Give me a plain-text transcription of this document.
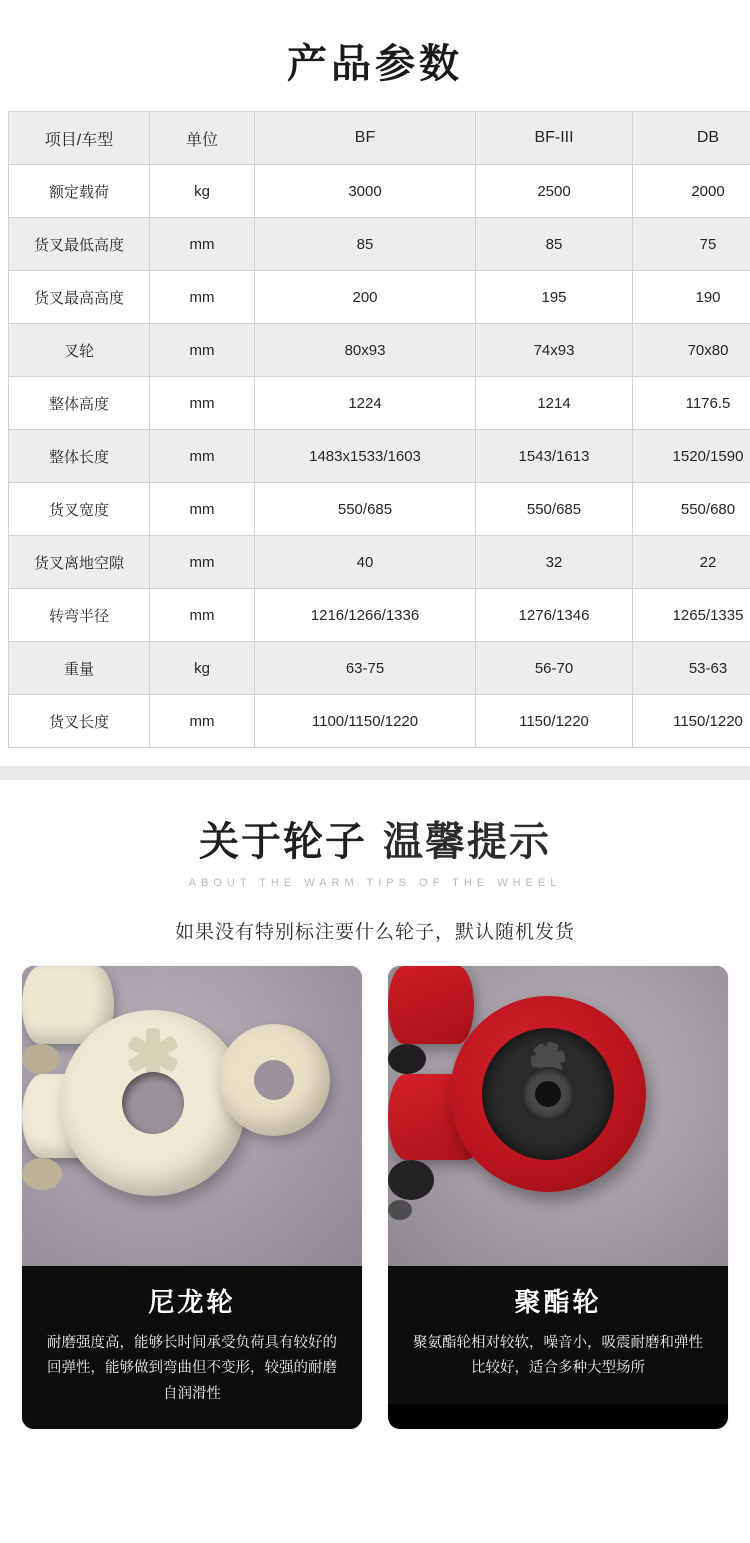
产品参数
项目/车型	单位	BF	BF-III	DB
额定载荷	kg	3000	2500	2000
货叉最低高度	mm	85	85	75
货叉最高高度	mm	200	195	190
叉轮	mm	80x93	74x93	70x80
整体高度	mm	1224	1214	1176.5
整体长度	mm	1483x1533/1603	1543/1613	1520/1590
货叉宽度	mm	550/685	550/685	550/680
货叉离地空隙	mm	40	32	22
转弯半径	mm	1216/1266/1336	1276/1346	1265/1335
重量	kg	63-75	56-70	53-63
货叉长度	mm	1100/1150/1220	1150/1220	1150/1220
关于轮子 温馨提示
ABOUT THE WARM TIPS OF THE WHEEL
如果没有特别标注要什么轮子，默认随机发货
尼龙轮
耐磨强度高，能够长时间承受负荷具有较好的回弹性，能够做到弯曲但不变形，较强的耐磨自润滑性
聚酯轮
聚氨酯轮相对较软，噪音小，吸震耐磨和弹性比较好，适合多种大型场所
